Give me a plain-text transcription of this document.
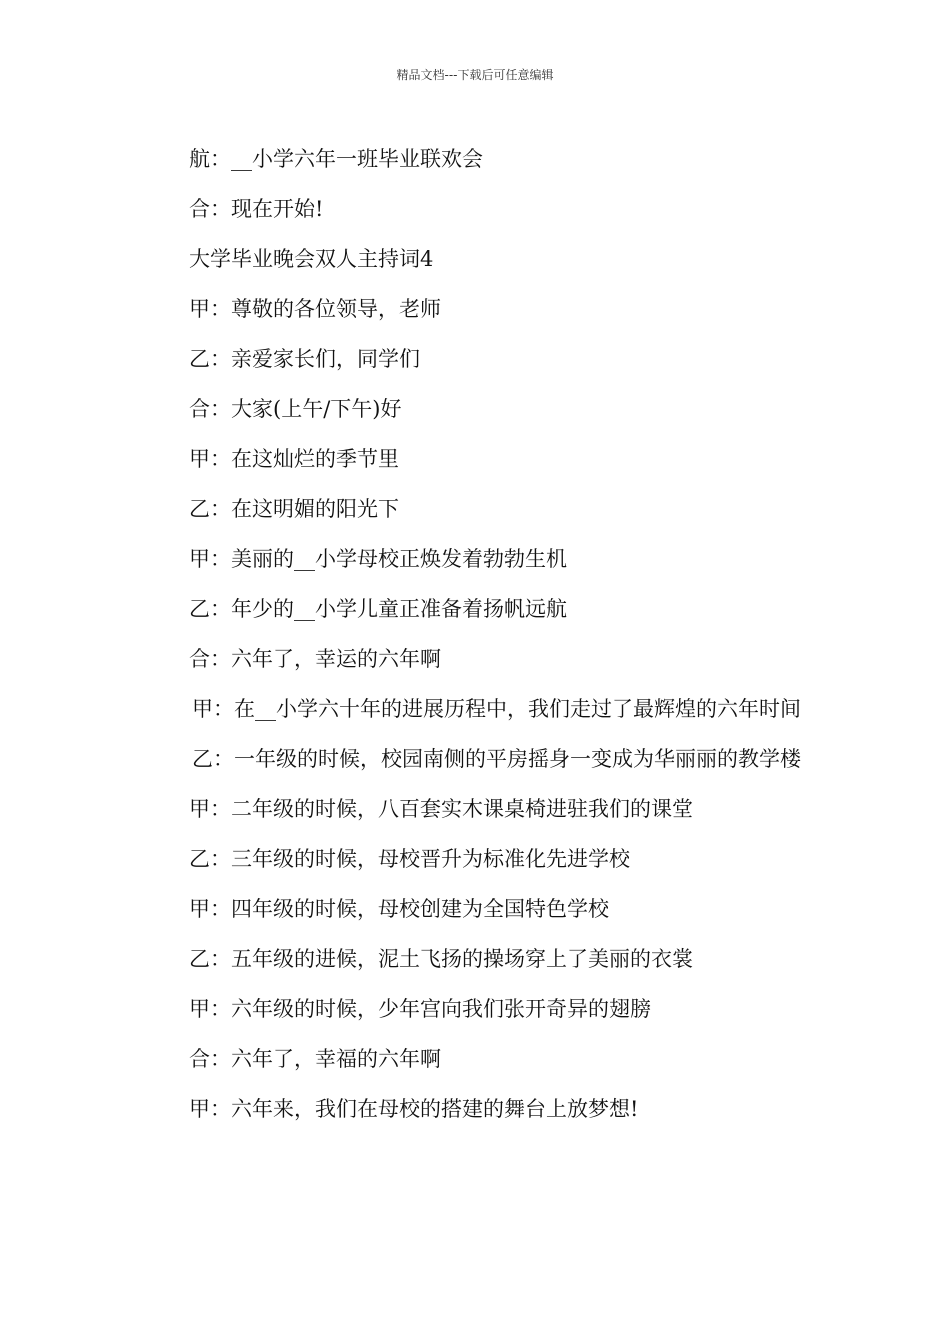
精品文档---下载后可任意编辑

航：__小学六年一班毕业联欢会

合：现在开始!

大学毕业晚会双人主持词4

甲：尊敬的各位领导，老师

乙：亲爱家长们，同学们

合：大家(上午/下午)好

甲：在这灿烂的季节里

乙：在这明媚的阳光下

甲：美丽的__小学母校正焕发着勃勃生机

乙：年少的__小学儿童正准备着扬帆远航

合：六年了，幸运的六年啊

甲：在__小学六十年的进展历程中，我们走过了最辉煌的六年时间

乙：一年级的时候，校园南侧的平房摇身一变成为华丽丽的教学楼

甲：二年级的时候，八百套实木课桌椅进驻我们的课堂

乙：三年级的时候，母校晋升为标准化先进学校

甲：四年级的时候，母校创建为全国特色学校

乙：五年级的进候，泥土飞扬的操场穿上了美丽的衣裳

甲：六年级的时候，少年宫向我们张开奇异的翅膀

合：六年了，幸福的六年啊

甲：六年来，我们在母校的搭建的舞台上放梦想!
